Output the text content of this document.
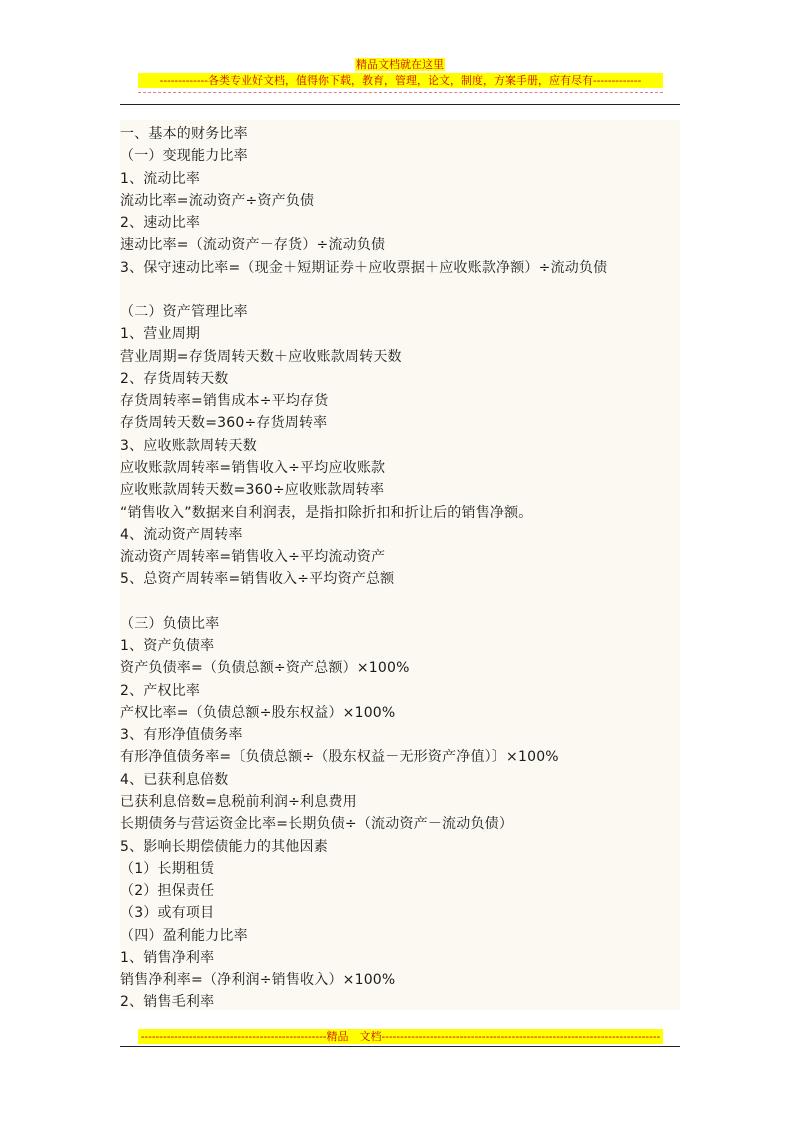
精品文档就在这里
-------------各类专业好文档，值得你下载，教育，管理，论文，制度，方案手册，应有尽有-------------
一、基本的财务比率
（一）变现能力比率
1、流动比率
流动比率=流动资产÷资产负债
2、速动比率
速动比率=（流动资产－存货）÷流动负债
3、保守速动比率=（现金＋短期证券＋应收票据＋应收账款净额）÷流动负债
（二）资产管理比率
1、营业周期
营业周期=存货周转天数＋应收账款周转天数
2、存货周转天数
存货周转率=销售成本÷平均存货
存货周转天数=360÷存货周转率
3、应收账款周转天数
应收账款周转率=销售收入÷平均应收账款
应收账款周转天数=360÷应收账款周转率
“销售收入”数据来自利润表，是指扣除折扣和折让后的销售净额。
4、流动资产周转率
流动资产周转率=销售收入÷平均流动资产
5、总资产周转率=销售收入÷平均资产总额
（三）负债比率
1、资产负债率
资产负债率=（负债总额÷资产总额）×100%
2、产权比率
产权比率=（负债总额÷股东权益）×100%
3、有形净值债务率
有形净值债务率=〔负债总额÷（股东权益－无形资产净值）〕×100%
4、已获利息倍数
已获利息倍数=息税前利润÷利息费用
长期债务与营运资金比率=长期负债÷（流动资产－流动负债）
5、影响长期偿债能力的其他因素
（1）长期租赁
（2）担保责任
（3）或有项目
（四）盈利能力比率
1、销售净利率
销售净利率=（净利润÷销售收入）×100%
2、销售毛利率
--------------------------------------------------精品　文档---------------------------------------------------------------------------
